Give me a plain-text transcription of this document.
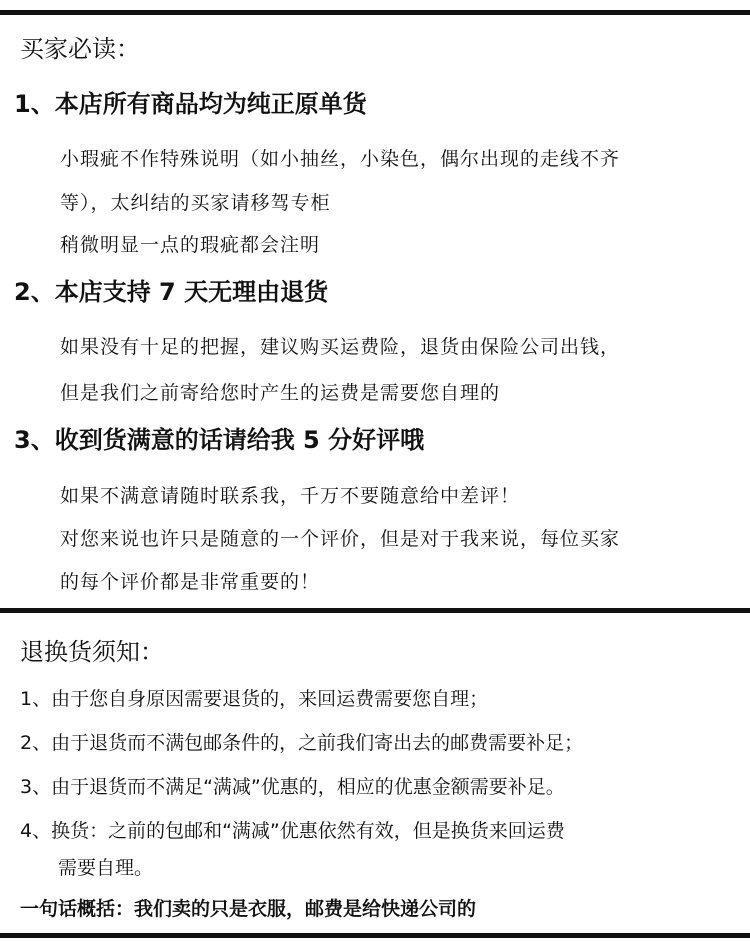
买家必读：
1、本店所有商品均为纯正原单货
小瑕疵不作特殊说明（如小抽丝，小染色，偶尔出现的走线不齐
等），太纠结的买家请移驾专柜
稍微明显一点的瑕疵都会注明
2、本店支持 7 天无理由退货
如果没有十足的把握，建议购买运费险，退货由保险公司出钱，
但是我们之前寄给您时产生的运费是需要您自理的
3、收到货满意的话请给我 5 分好评哦
如果不满意请随时联系我，千万不要随意给中差评！
对您来说也许只是随意的一个评价，但是对于我来说，每位买家
的每个评价都是非常重要的！
退换货须知：
1、由于您自身原因需要退货的，来回运费需要您自理；
2、由于退货而不满包邮条件的，之前我们寄出去的邮费需要补足；
3、由于退货而不满足“满减”优惠的，相应的优惠金额需要补足。
4、换货：之前的包邮和“满减”优惠依然有效，但是换货来回运费
需要自理。
一句话概括：我们卖的只是衣服，邮费是给快递公司的
